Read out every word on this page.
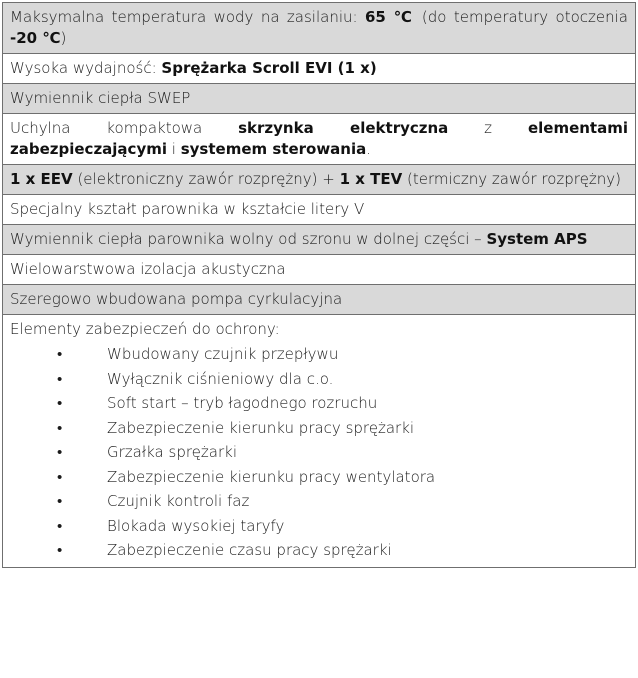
Maksymalna temperatura wody na zasilaniu: 65 ℃ (do temperatury otoczenia -20 ℃)
Wysoka wydajność: Sprężarka Scroll EVI (1 x)
Wymiennik ciepła SWEP
Uchylna kompaktowa skrzynka elektryczna z elementami zabezpieczającymi i systemem sterowania.
1 x EEV (elektroniczny zawór rozprężny) + 1 x TEV (termiczny zawór rozprężny)
Specjalny kształt parownika w kształcie litery V
Wymiennik ciepła parownika wolny od szronu w dolnej części – System APS
Wielowarstwowa izolacja akustyczna
Szeregowo wbudowana pompa cyrkulacyjna

Elementy zabezpieczeń do ochrony:
•	Wbudowany czujnik przepływu
•	Wyłącznik ciśnieniowy dla c.o.
•	Soft start – tryb łagodnego rozruchu
•	Zabezpieczenie kierunku pracy sprężarki
•	Grzałka sprężarki
•	Zabezpieczenie kierunku pracy wentylatora
•	Czujnik kontroli faz
•	Blokada wysokiej taryfy
•	Zabezpieczenie czasu pracy sprężarki
